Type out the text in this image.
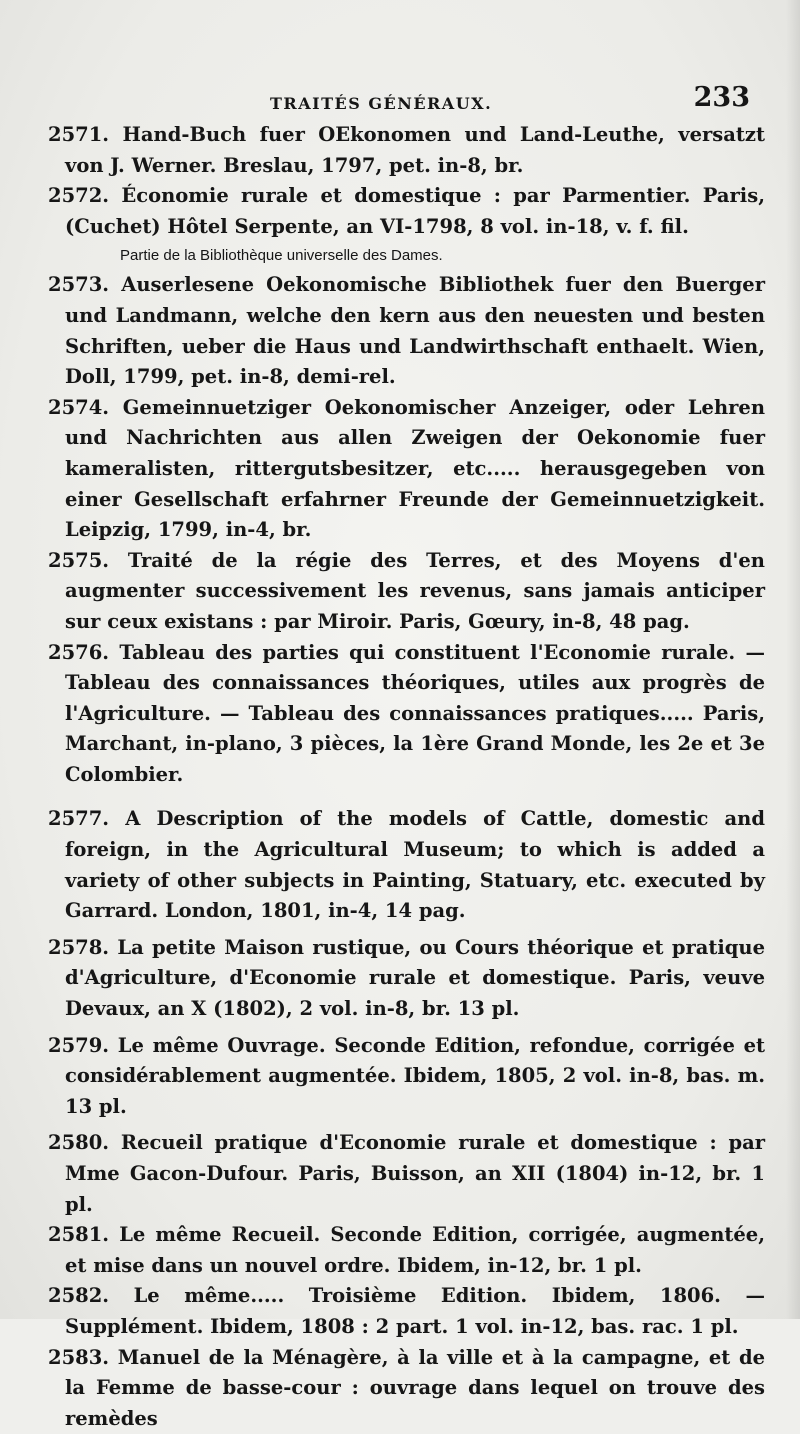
TRAITÉS GÉNÉRAUX.	233
2571. Hand-Buch fuer OEkonomen und Land-Leuthe, versatzt von J. Werner. Breslau, 1797, pet. in-8, br.
2572. Économie rurale et domestique : par Parmentier. Paris, (Cuchet) Hôtel Serpente, an VI-1798, 8 vol. in-18, v. f. fil.
Partie de la Bibliothèque universelle des Dames.
2573. Auserlesene Oekonomische Bibliothek fuer den Buerger und Landmann, welche den kern aus den neuesten und besten Schriften, ueber die Haus und Landwirthschaft enthaelt. Wien, Doll, 1799, pet. in-8, demi-rel.
2574. Gemeinnuetziger Oekonomischer Anzeiger, oder Lehren und Nachrichten aus allen Zweigen der Oekonomie fuer kameralisten, rittergutsbesitzer, etc..... herausgegeben von einer Gesellschaft erfahrner Freunde der Gemeinnuetzigkeit. Leipzig, 1799, in-4, br.
2575. Traité de la régie des Terres, et des Moyens d'en augmenter successivement les revenus, sans jamais anticiper sur ceux existans : par Miroir. Paris, Gœury, in-8, 48 pag.
2576. Tableau des parties qui constituent l'Economie rurale. — Tableau des connaissances théoriques, utiles aux progrès de l'Agriculture. — Tableau des connaissances pratiques..... Paris, Marchant, in-plano, 3 pièces, la 1ère Grand Monde, les 2e et 3e Colombier.
2577. A Description of the models of Cattle, domestic and foreign, in the Agricultural Museum; to which is added a variety of other subjects in Painting, Statuary, etc. executed by Garrard. London, 1801, in-4, 14 pag.
2578. La petite Maison rustique, ou Cours théorique et pratique d'Agriculture, d'Economie rurale et domestique. Paris, veuve Devaux, an X (1802), 2 vol. in-8, br. 13 pl.
2579. Le même Ouvrage. Seconde Edition, refondue, corrigée et considérablement augmentée. Ibidem, 1805, 2 vol. in-8, bas. m. 13 pl.
2580. Recueil pratique d'Economie rurale et domestique : par Mme Gacon-Dufour. Paris, Buisson, an XII (1804) in-12, br. 1 pl.
2581. Le même Recueil. Seconde Edition, corrigée, augmentée, et mise dans un nouvel ordre. Ibidem, in-12, br. 1 pl.
2582. Le même..... Troisième Edition. Ibidem, 1806. — Supplément. Ibidem, 1808 : 2 part. 1 vol. in-12, bas. rac. 1 pl.
2583. Manuel de la Ménagère, à la ville et à la campagne, et de la Femme de basse-cour : ouvrage dans lequel on trouve des remèdes
